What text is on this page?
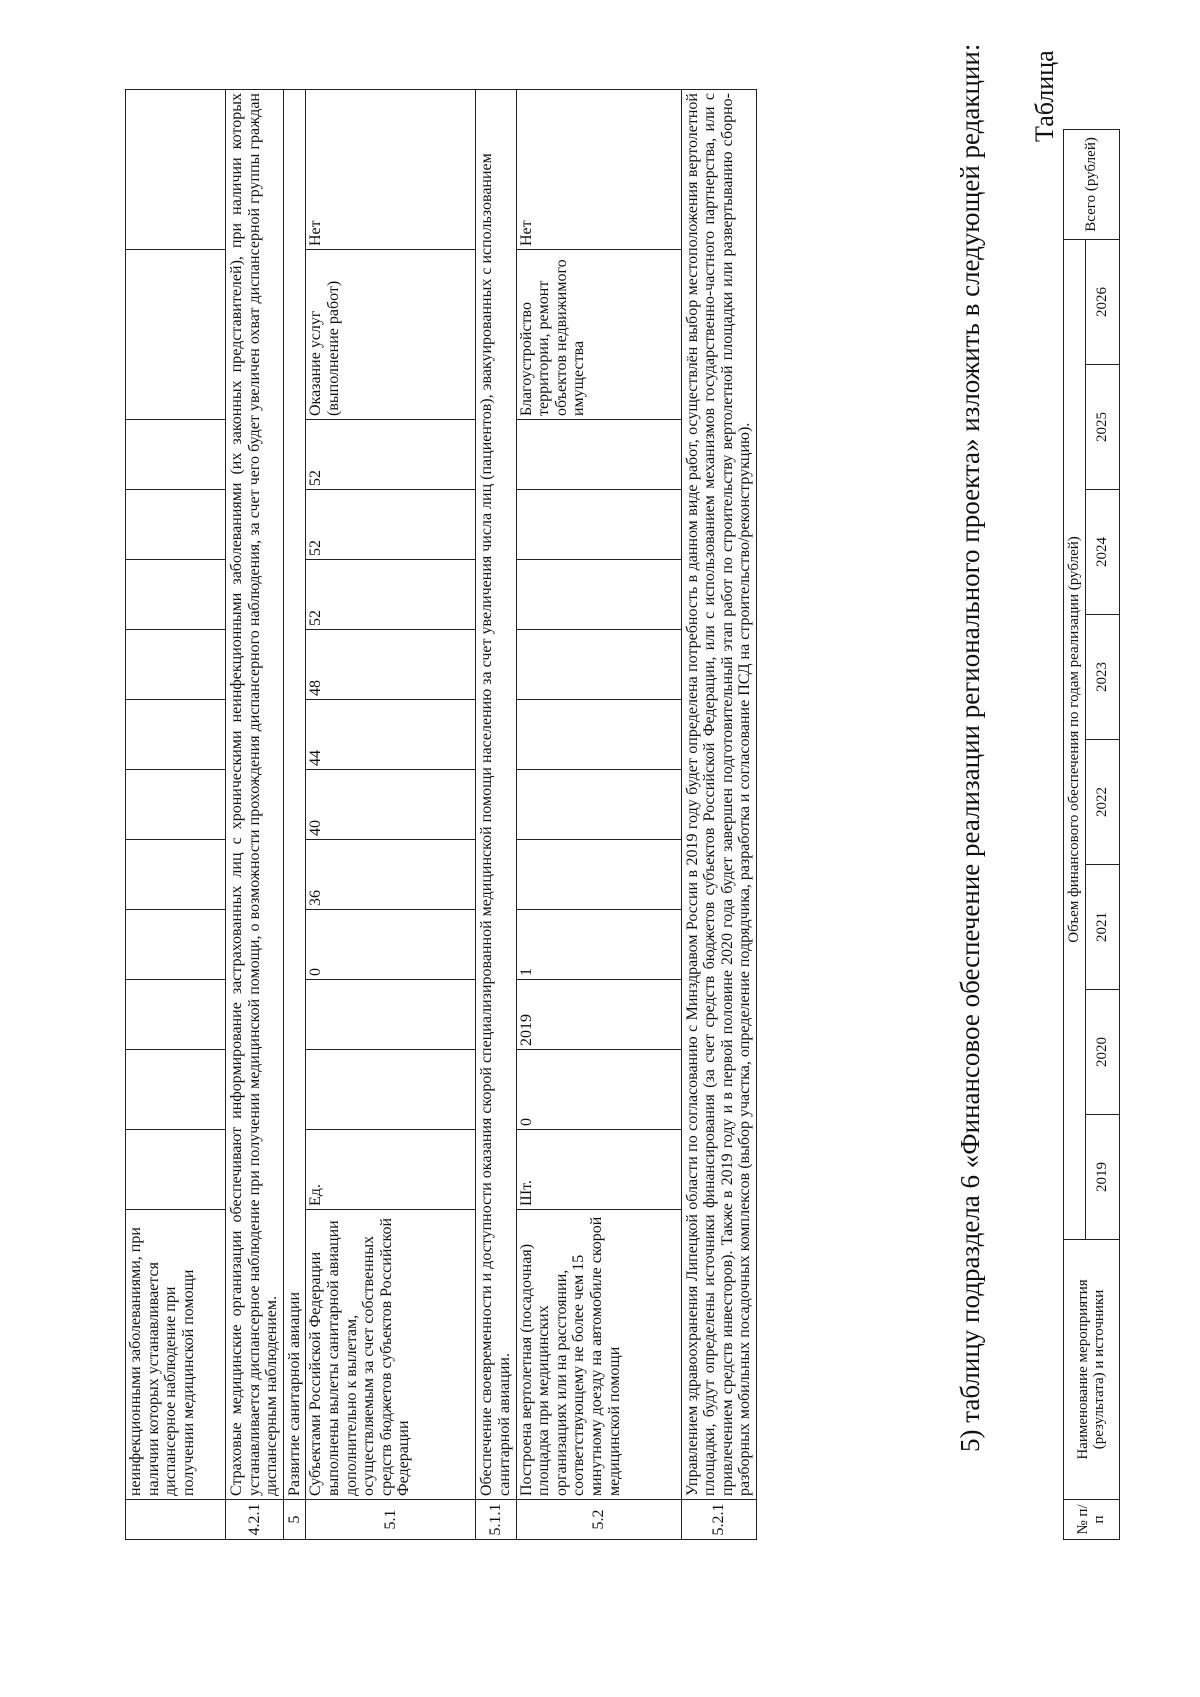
	неинфекционными заболеваниями, при наличии которых устанавливается диспансерное наблюдение при получении медицинской помощи													
4.2.1	Страховые медицинские организации обеспечивают информирование застрахованных лиц с хроническими неинфекционными заболеваниями (их законных представителей), при наличии которых устанавливается диспансерное наблюдение при получении медицинской помощи, о возможности прохождения диспансерного наблюдения, за счет чего будет увеличен охват диспансерной группы граждан диспансерным наблюдением.													
5	Развитие санитарной авиации													
5.1	Субъектами Российской Федерации выполнены вылеты санитарной авиации дополнительно к вылетам, осуществляемым за счет собственных средств бюджетов субъектов Российской Федерации	Ед.			0	36	40	44	48	52	52	52	Оказание услуг (выполнение работ)	Нет
5.1.1	Обеспечение своевременности и доступности оказания скорой специализированной медицинской помощи населению за счет увеличения числа лиц (пациентов), эвакуированных с использованием санитарной авиации.													
5.2	Построена вертолетная (посадочная) площадка при медицинских организациях или на расстоянии, соответствующему не более чем 15 минутному доезду на автомобиле скорой медицинской помощи	Шт.	0	2019	1								Благоустройство территории, ремонт объектов недвижимого имущества	Нет
5.2.1	Управлением здравоохранения Липецкой области по согласованию с Минздравом России в 2019 году будет определена потребность в данном виде работ, осуществлён выбор местоположения вертолетной площадки, будут определены источники финансирования (за счет средств бюджетов субъектов Российской Федерации, или с использованием механизмов государственно-частного партнерства, или с привлечением средств инвесторов). Также в 2019 году и в первой половине 2020 года будет завершен подготовительный этап работ по строительству вертолетной площадки или развертыванию сборно-разборных мобильных посадочных комплексов (выбор участка, определение подрядчика, разработка и согласование ПСД на строительство/реконструкцию).														5) таблицу подраздела 6 «Финансовое обеспечение реализации регионального проекта» изложить в следующей редакции: Таблица
№ п/п	Наименование мероприятия (результата) и источники	Объем финансового обеспечения по годам реализации (рублей)								Всего (рублей)
		2019	2020	2021	2022	2023	2024	2025	2026	
